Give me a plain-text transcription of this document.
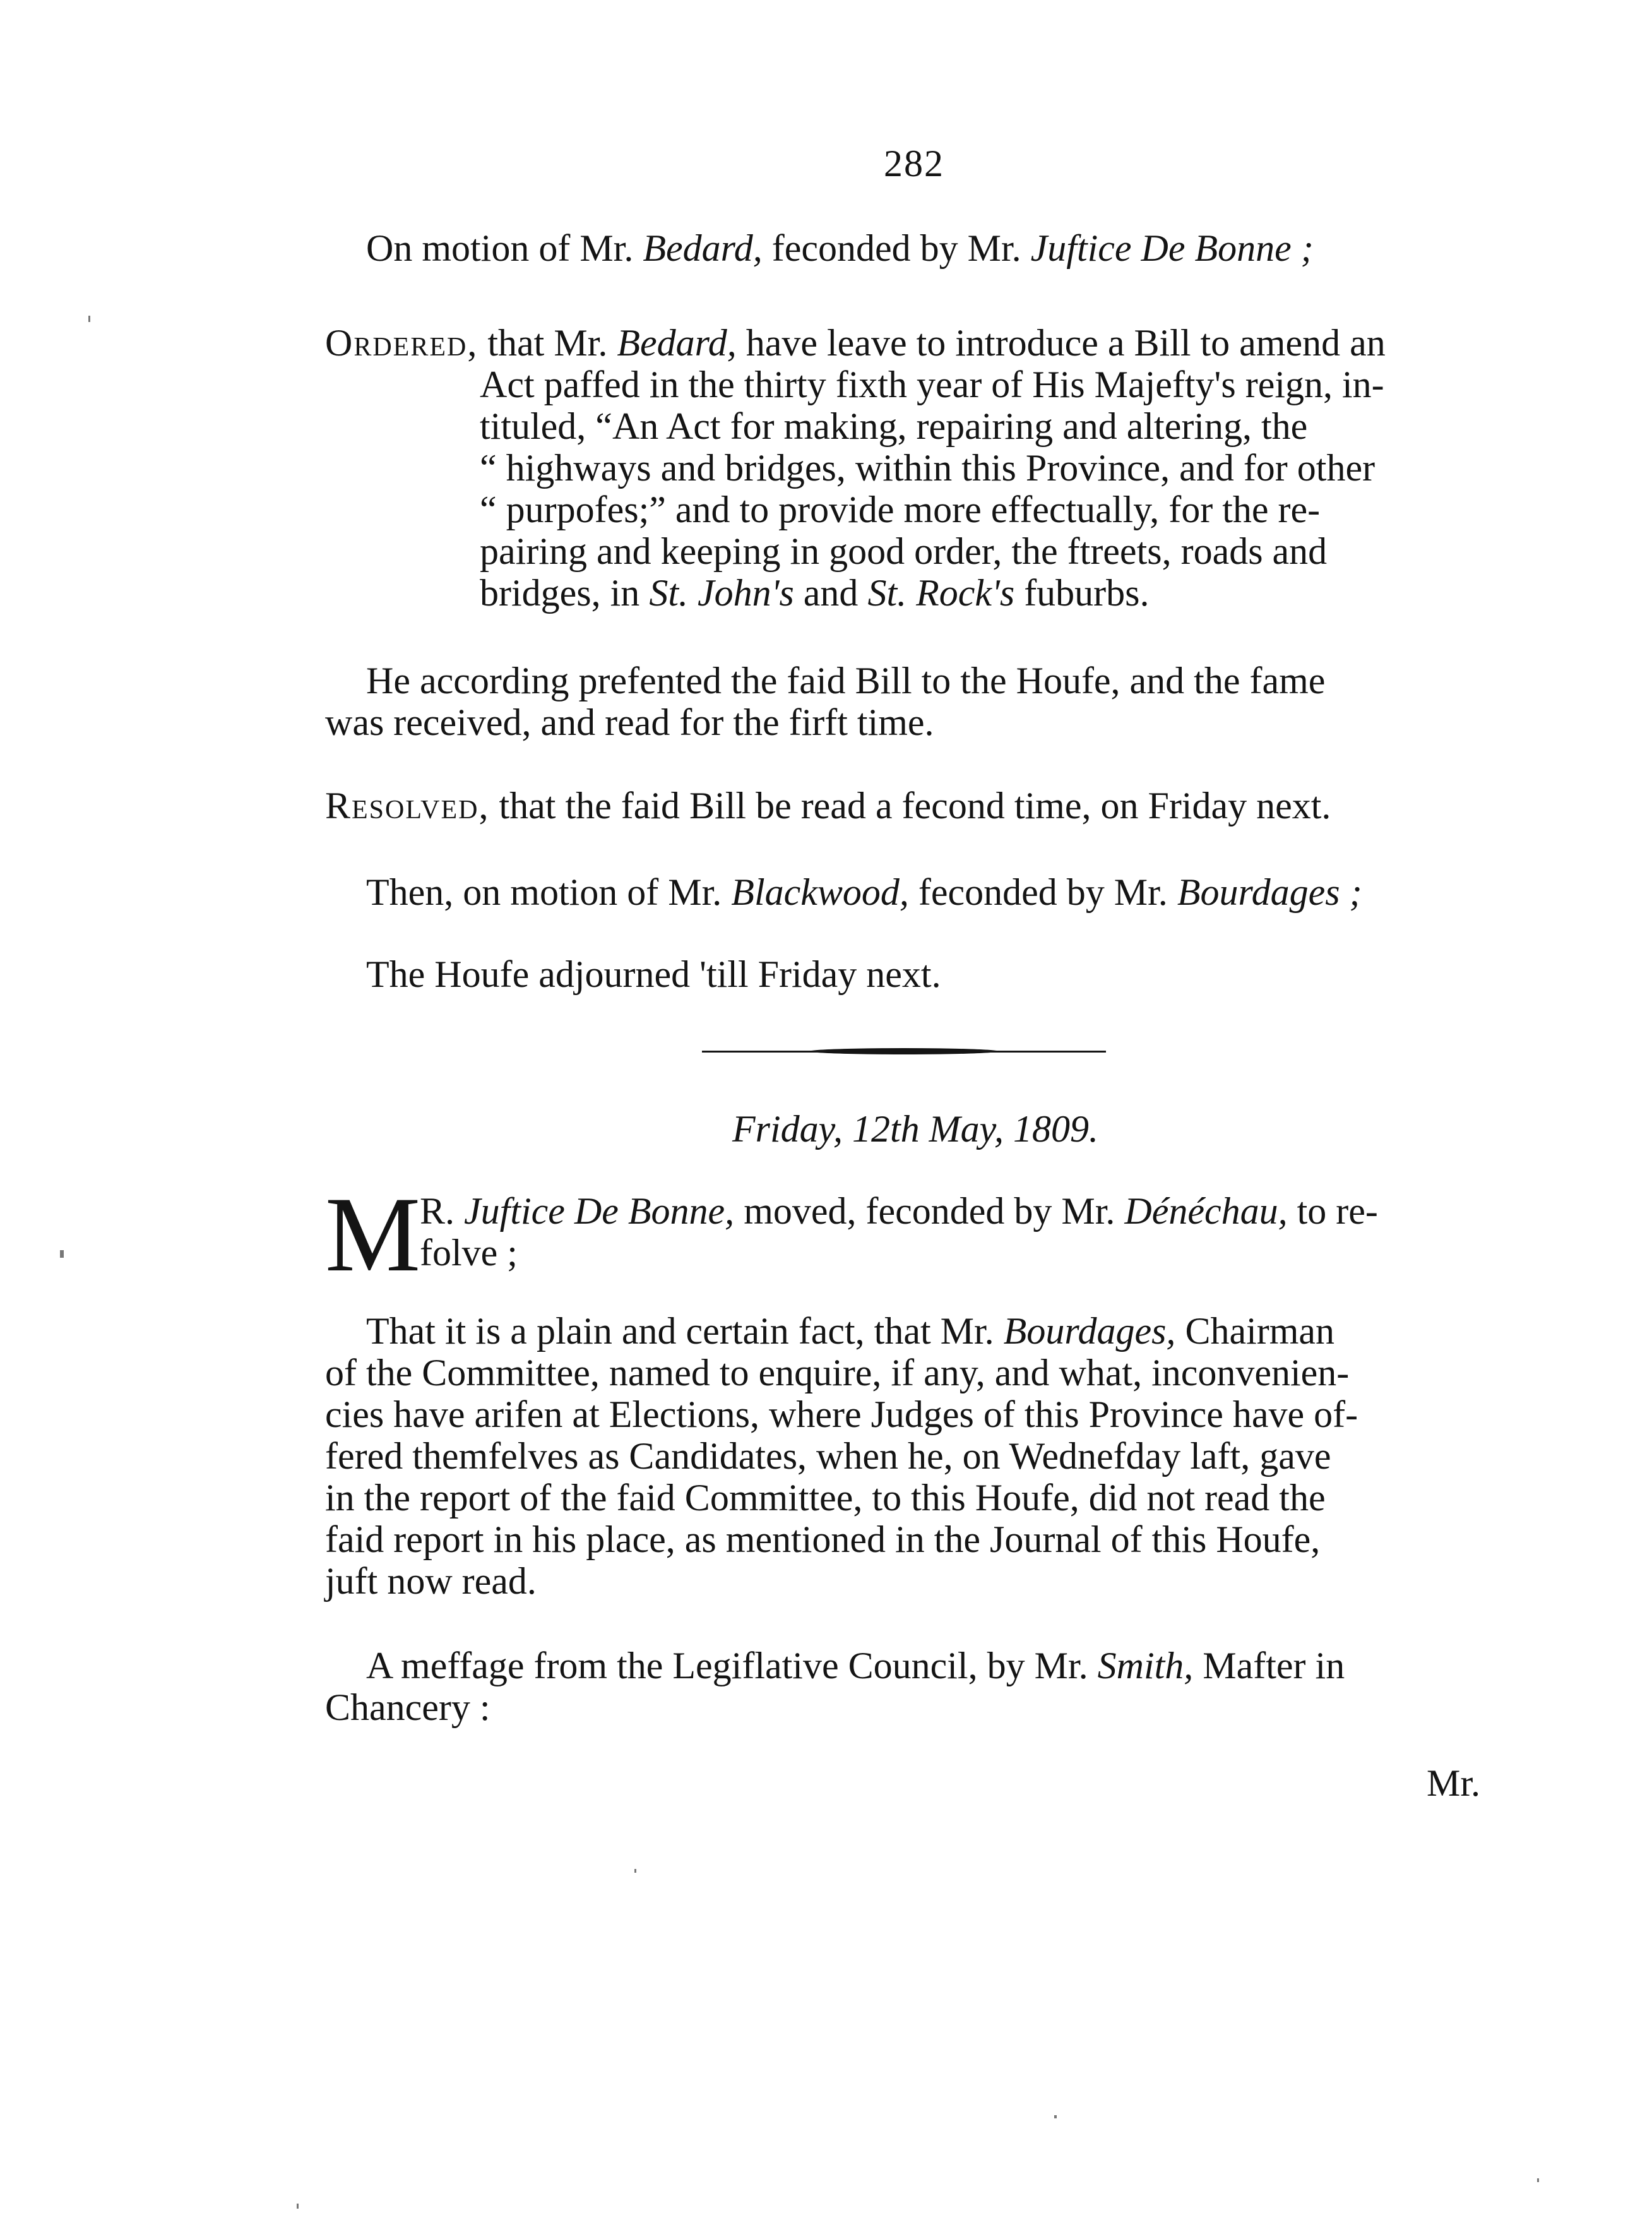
282
On motion of Mr. Bedard, feconded by Mr. Juftice De Bonne ;
Ordered, that Mr. Bedard, have leave to introduce a Bill to amend an
Act paffed in the thirty fixth year of His Majefty's reign, in-
tituled, “An Act for making, repairing and altering, the
“ highways and bridges, within this Province, and for other
“ purpofes;” and to provide more effectually, for the re-
pairing and keeping in good order, the ftreets, roads and
bridges, in St. John's and St. Rock's fuburbs.
He according prefented the faid Bill to the Houfe, and the fame
was received, and read for the firft time.
Resolved, that the faid Bill be read a fecond time, on Friday next.
Then, on motion of Mr. Blackwood, feconded by Mr. Bourdages ;
The Houfe adjourned 'till Friday next.
Friday, 12th May, 1809.
M
R. Juftice De Bonne, moved, feconded by Mr. Dénéchau, to re-
folve ;
That it is a plain and certain fact, that Mr. Bourdages, Chairman
of the Committee, named to enquire, if any, and what, inconvenien-
cies have arifen at Elections, where Judges of this Province have of-
fered themfelves as Candidates, when he, on Wednefday laft, gave
in the report of the faid Committee, to this Houfe, did not read the
faid report in his place, as mentioned in the Journal of this Houfe,
juft now read.
A meffage from the Legiflative Council, by Mr. Smith, Mafter in
Chancery :
Mr.
